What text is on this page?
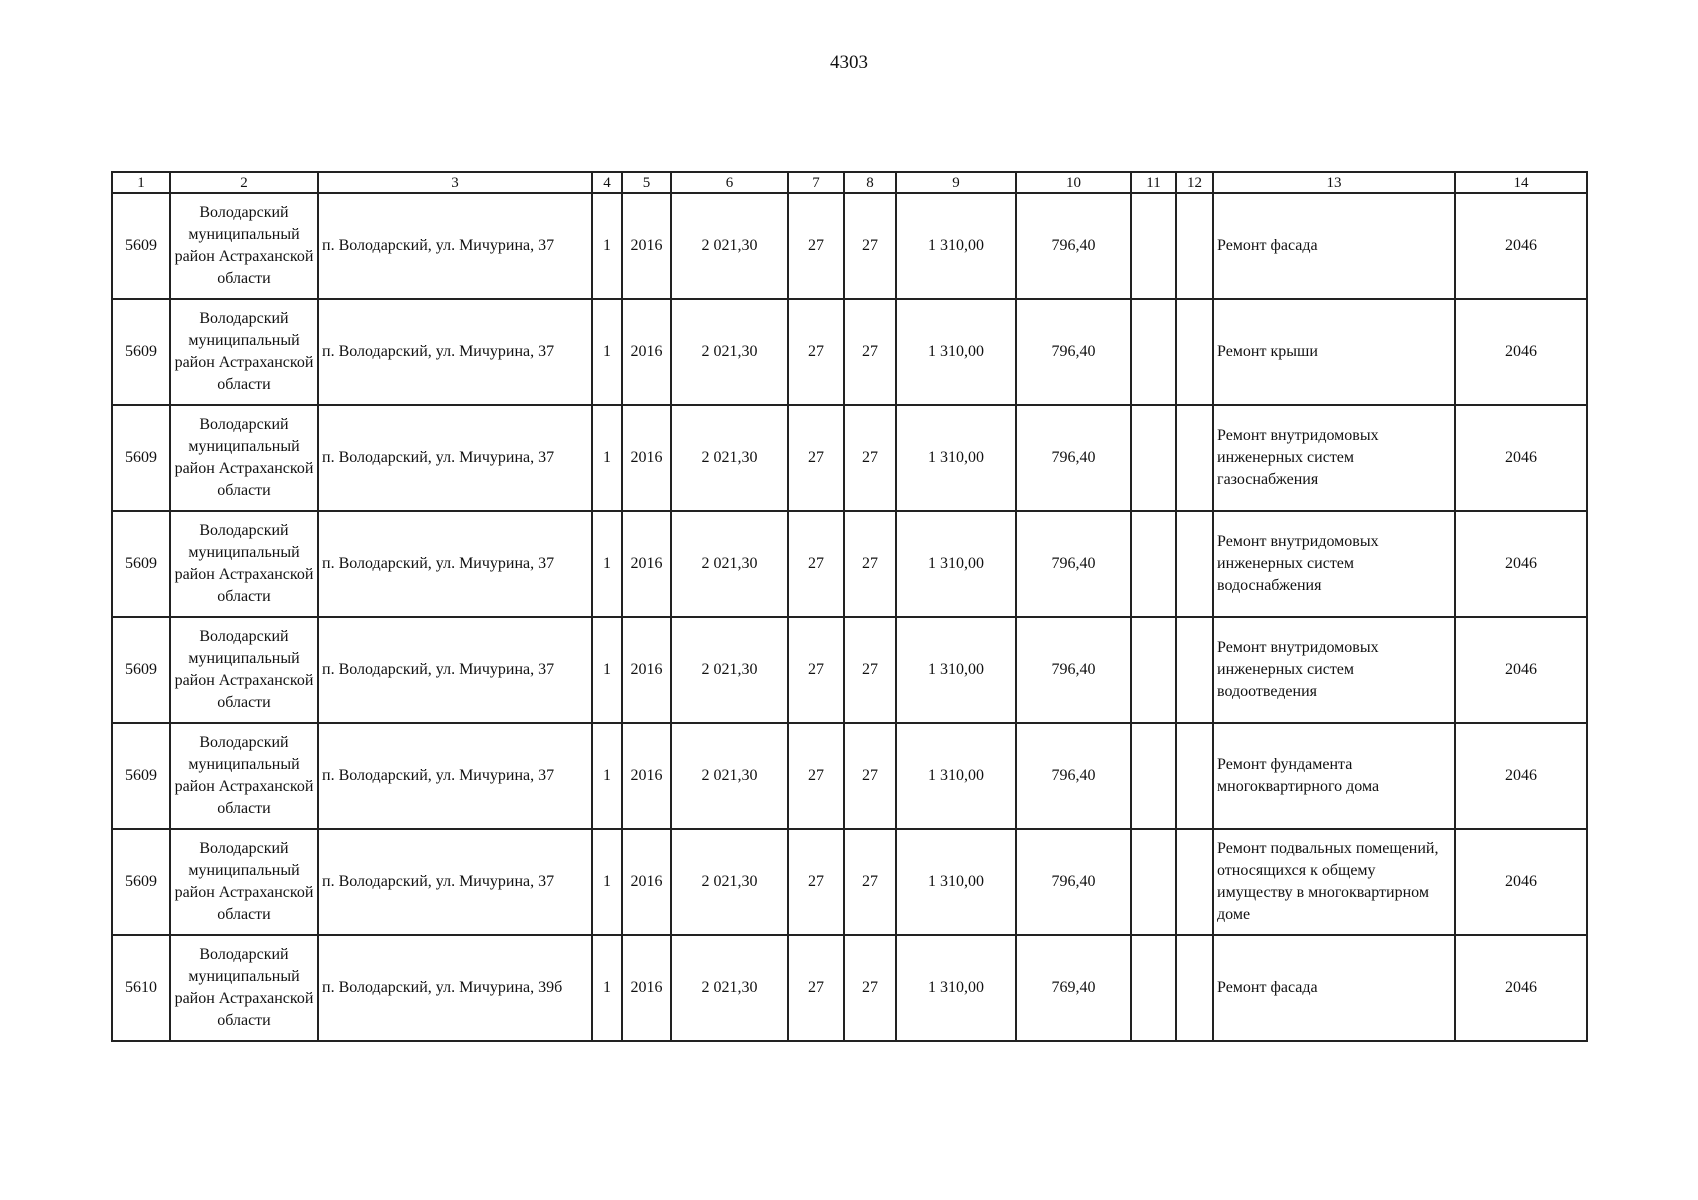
4303
1	2	3	4	5	6	7	8	9	10	11	12	13	14
5609	Володарский муниципальный район Астраханской области	п. Володарский, ул. Мичурина, 37	1	2016	2 021,30	27	27	1 310,00	796,40			Ремонт фасада	2046
5609	Володарский муниципальный район Астраханской области	п. Володарский, ул. Мичурина, 37	1	2016	2 021,30	27	27	1 310,00	796,40			Ремонт крыши	2046
5609	Володарский муниципальный район Астраханской области	п. Володарский, ул. Мичурина, 37	1	2016	2 021,30	27	27	1 310,00	796,40			Ремонт внутридомовых инженерных систем газоснабжения	2046
5609	Володарский муниципальный район Астраханской области	п. Володарский, ул. Мичурина, 37	1	2016	2 021,30	27	27	1 310,00	796,40			Ремонт внутридомовых инженерных систем водоснабжения	2046
5609	Володарский муниципальный район Астраханской области	п. Володарский, ул. Мичурина, 37	1	2016	2 021,30	27	27	1 310,00	796,40			Ремонт внутридомовых инженерных систем водоотведения	2046
5609	Володарский муниципальный район Астраханской области	п. Володарский, ул. Мичурина, 37	1	2016	2 021,30	27	27	1 310,00	796,40			Ремонт фундамента многоквартирного дома	2046
5609	Володарский муниципальный район Астраханской области	п. Володарский, ул. Мичурина, 37	1	2016	2 021,30	27	27	1 310,00	796,40			Ремонт подвальных помещений, относящихся к общему имуществу в многоквартирном доме	2046
5610	Володарский муниципальный район Астраханской области	п. Володарский, ул. Мичурина, 39б	1	2016	2 021,30	27	27	1 310,00	769,40			Ремонт фасада	2046
